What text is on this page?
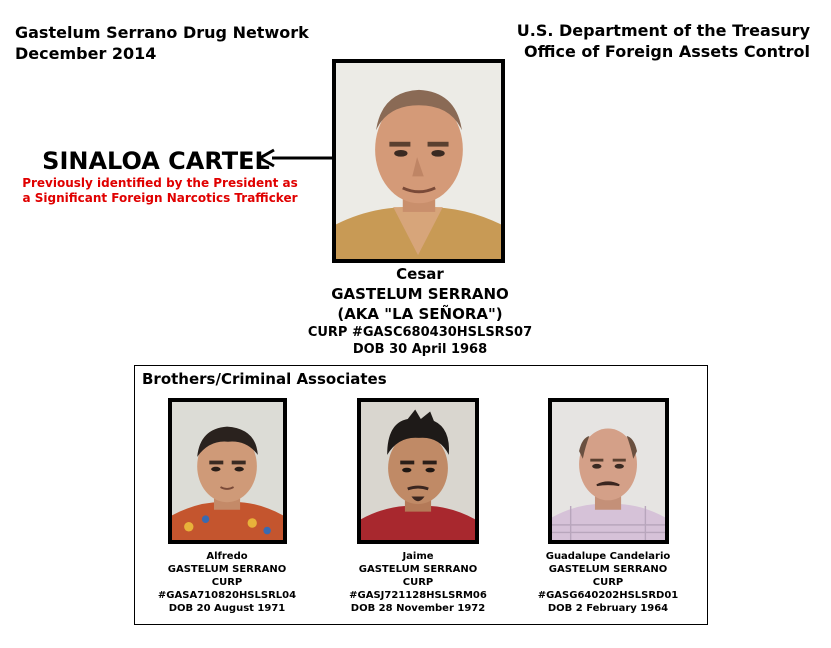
Gastelum Serrano Drug Network
December 2014
U.S. Department of the Treasury
Office of Foreign Assets Control
SINALOA CARTEL
Previously identified by the President as
a Significant Foreign Narcotics Trafficker
Cesar
GASTELUM SERRANO
(AKA "LA SEÑORA")
CURP #GASC680430HSLSRS07
DOB 30 April 1968
Brothers/Criminal Associates
Alfredo
GASTELUM SERRANO
CURP #GASA710820HSLSRL04
DOB 20 August 1971
Jaime
GASTELUM SERRANO
CURP #GASJ721128HSLSRM06
DOB 28 November 1972
Guadalupe Candelario
GASTELUM SERRANO
CURP #GASG640202HSLSRD01
DOB 2 February 1964
